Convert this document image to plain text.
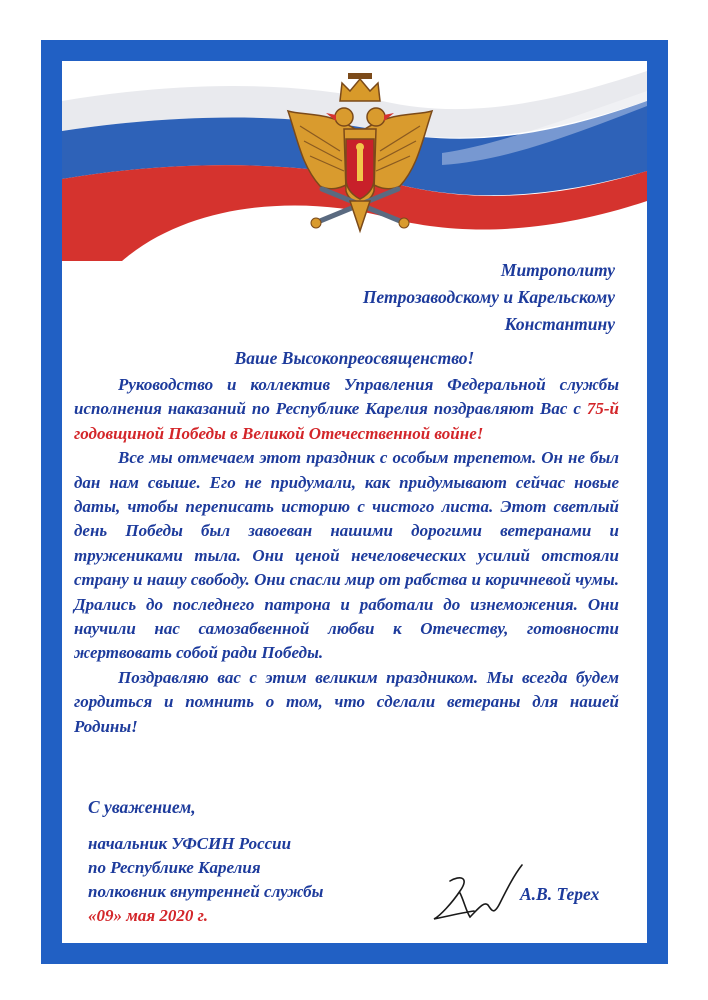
Митрополиту
Петрозаводскому и Карельскому
Константину
Ваше Высокопреосвященство!

Руководство и коллектив Управления Федеральной службы исполнения наказаний по Республике Карелия поздравляют Вас с 75-й годовщиной Победы в Великой Отечественной войне!

Все мы отмечаем этот праздник с особым трепетом. Он не был дан нам свыше. Его не придумали, как придумывают сейчас новые даты, чтобы переписать историю с чистого листа. Этот светлый день Победы был завоеван нашими дорогими ветеранами и тружениками тыла. Они ценой нечеловеческих усилий отстояли страну и нашу свободу. Они спасли мир от рабства и коричневой чумы. Дрались до последнего патрона и работали до изнеможения. Они научили нас самозабвенной любви к Отечеству, готовности жертвовать собой ради Победы.

Поздравляю вас с этим великим праздником. Мы всегда будем гордиться и помнить о том, что сделали ветераны для нашей Родины!

С уважением,
начальник УФСИН России
по Республике Карелия
полковник внутренней службы
«09» мая 2020 г.
А.В. Терех
